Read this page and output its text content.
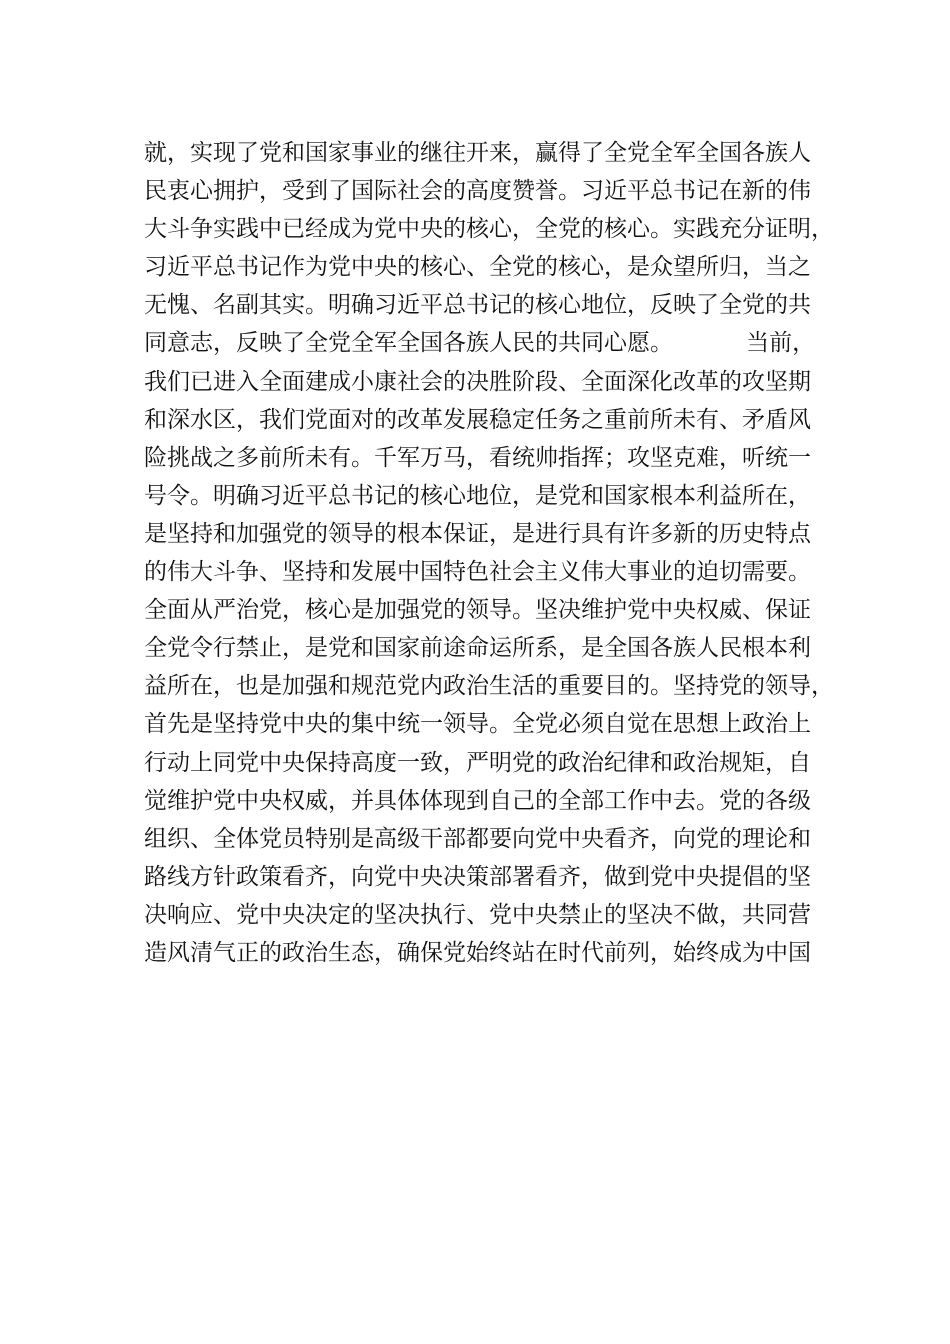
就，实现了党和国家事业的继往开来，赢得了全党全军全国各族人
民衷心拥护，受到了国际社会的高度赞誉。习近平总书记在新的伟
大斗争实践中已经成为党中央的核心，全党的核心。实践充分证明，
习近平总书记作为党中央的核心、全党的核心，是众望所归，当之
无愧、名副其实。明确习近平总书记的核心地位，反映了全党的共
同意志，反映了全党全军全国各族人民的共同心愿。          当前，
我们已进入全面建成小康社会的决胜阶段、全面深化改革的攻坚期
和深水区，我们党面对的改革发展稳定任务之重前所未有、矛盾风
险挑战之多前所未有。千军万马，看统帅指挥；攻坚克难，听统一
号令。明确习近平总书记的核心地位，是党和国家根本利益所在，
是坚持和加强党的领导的根本保证，是进行具有许多新的历史特点
的伟大斗争、坚持和发展中国特色社会主义伟大事业的迫切需要。
全面从严治党，核心是加强党的领导。坚决维护党中央权威、保证
全党令行禁止，是党和国家前途命运所系，是全国各族人民根本利
益所在，也是加强和规范党内政治生活的重要目的。坚持党的领导，
首先是坚持党中央的集中统一领导。全党必须自觉在思想上政治上
行动上同党中央保持高度一致，严明党的政治纪律和政治规矩，自
觉维护党中央权威，并具体体现到自己的全部工作中去。党的各级
组织、全体党员特别是高级干部都要向党中央看齐，向党的理论和
路线方针政策看齐，向党中央决策部署看齐，做到党中央提倡的坚
决响应、党中央决定的坚决执行、党中央禁止的坚决不做，共同营
造风清气正的政治生态，确保党始终站在时代前列，始终成为中国
